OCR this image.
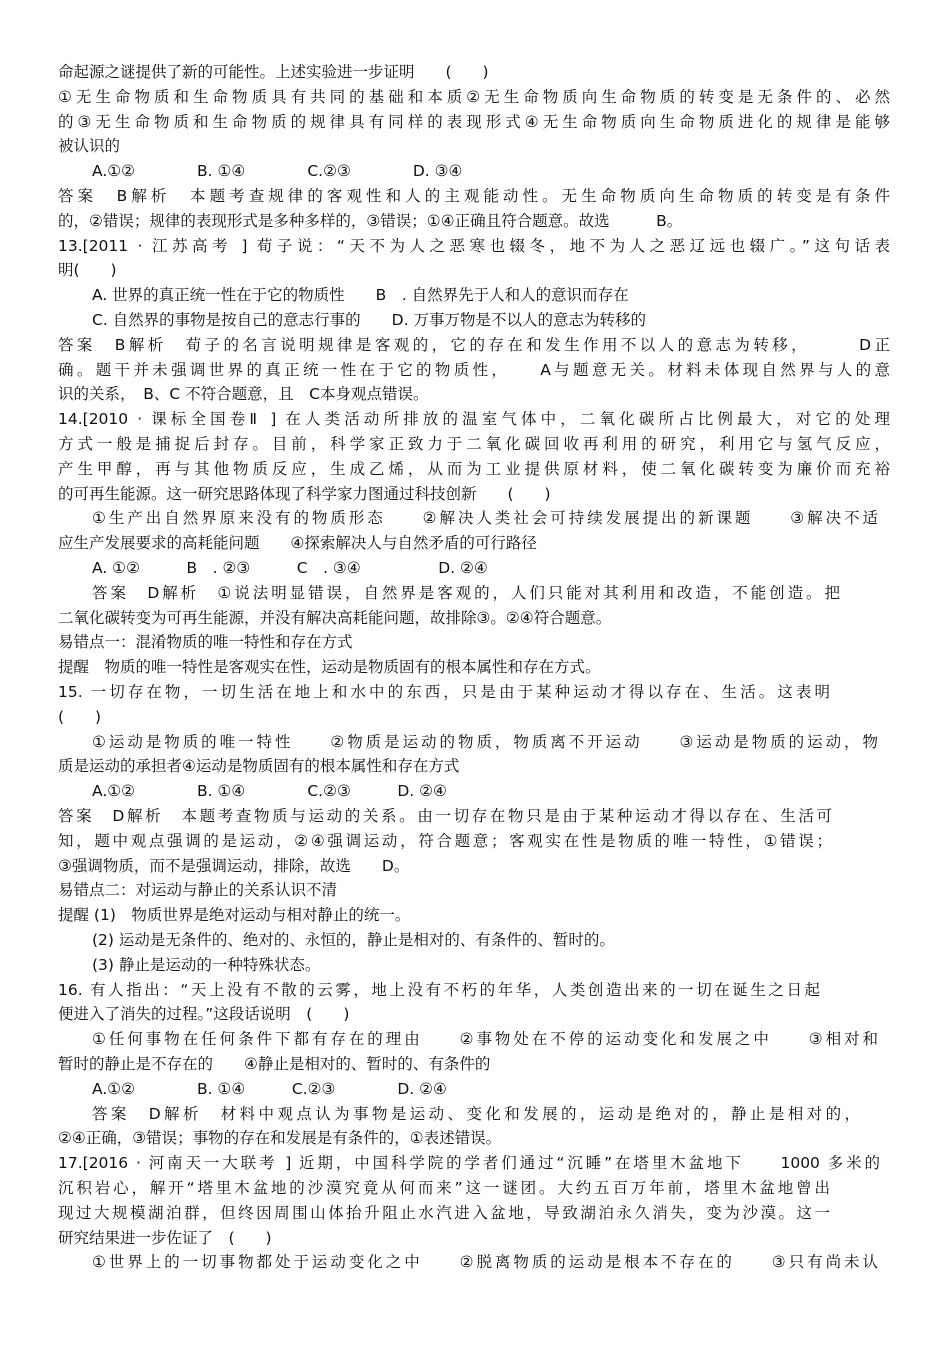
命起源之谜提供了新的可能性。上述实验进一步证明　　(　　)
①无生命物质和生命物质具有共同的基础和本质②无生命物质向生命物质的转变是无条件的、必然
的③无生命物质和生命物质的规律具有同样的表现形式④无生命物质向生命物质进化的规律是能够
被认识的
A.①②　　　　B. ①④　　　　C.②③　　　　D. ③④
答案　B解析　本题考查规律的客观性和人的主观能动性。无生命物质向生命物质的转变是有条件
的，②错误；规律的表现形式是多种多样的，③错误；①④正确且符合题意。故选　　　B。
13.[2011 · 江苏高考 ] 荀子说：“天不为人之恶寒也辍冬，地不为人之恶辽远也辍广。”这句话表
明(　　)
A. 世界的真正统一性在于它的物质性　　B　. 自然界先于人和人的意识而存在
C. 自然界的事物是按自己的意志行事的　　D. 万事万物是不以人的意志为转移的
答案　B解析　荀子的名言说明规律是客观的，它的存在和发生作用不以人的意志为转移，　　　D正
确。题干并未强调世界的真正统一性在于它的物质性，　　A与题意无关。材料未体现自然界与人的意
识的关系，　B、C 不符合题意，且　C本身观点错误。
14.[2010 · 课标全国卷Ⅱ ] 在人类活动所排放的温室气体中，二氧化碳所占比例最大，对它的处理
方式一般是捕捉后封存。目前，科学家正致力于二氧化碳回收再利用的研究，利用它与氢气反应，
产生甲醇，再与其他物质反应，生成乙烯，从而为工业提供原材料，使二氧化碳转变为廉价而充裕
的可再生能源。这一研究思路体现了科学家力图通过科技创新　　(　　)
①生产出自然界原来没有的物质形态　　②解决人类社会可持续发展提出的新课题　　③解决不适
应生产发展要求的高耗能问题　　④探索解决人与自然矛盾的可行路径
A. ①②　　　B　. ②③　　　C　. ③④　　　　　D. ②④
答案　D解析　①说法明显错误，自然界是客观的，人们只能对其利用和改造，不能创造。把
二氧化碳转变为可再生能源，并没有解决高耗能问题，故排除③。②④符合题意。
易错点一：混淆物质的唯一特性和存在方式
提醒　物质的唯一特性是客观实在性，运动是物质固有的根本属性和存在方式。
15. 一切存在物，一切生活在地上和水中的东西，只是由于某种运动才得以存在、生活。这表明
(　　)
①运动是物质的唯一特性　　②物质是运动的物质，物质离不开运动　　③运动是物质的运动，物
质是运动的承担者④运动是物质固有的根本属性和存在方式
A.①②　　　　B. ①④　　　　C.②③　　　D. ②④
答案　D解析　本题考查物质与运动的关系。由一切存在物只是由于某种运动才得以存在、生活可
知，题中观点强调的是运动，②④强调运动，符合题意；客观实在性是物质的唯一特性，①错误；
③强调物质，而不是强调运动，排除，故选　　D。
易错点二：对运动与静止的关系认识不清
提醒 (1)　物质世界是绝对运动与相对静止的统一。
(2) 运动是无条件的、绝对的、永恒的，静止是相对的、有条件的、暂时的。
(3) 静止是运动的一种特殊状态。
16. 有人指出：“天上没有不散的云雾，地上没有不朽的年华，人类创造出来的一切在诞生之日起
便进入了消失的过程。”这段话说明　(　　)
①任何事物在任何条件下都有存在的理由　　②事物处在不停的运动变化和发展之中　　③相对和
暂时的静止是不存在的　　④静止是相对的、暂时的、有条件的
A.①②　　　　B. ①④　　　C.②③　　　　D. ②④
答案　D解析　材料中观点认为事物是运动、变化和发展的，运动是绝对的，静止是相对的，
②④正确，③错误；事物的存在和发展是有条件的，①表述错误。
17.[2016 · 河南天一大联考 ] 近期，中国科学院的学者们通过“沉睡”在塔里木盆地下　　1000 多米的
沉积岩心，解开“塔里木盆地的沙漠究竟从何而来”这一谜团。大约五百万年前，塔里木盆地曾出
现过大规模湖泊群，但终因周围山体抬升阻止水汽进入盆地，导致湖泊永久消失，变为沙漠。这一
研究结果进一步佐证了　(　　)
①世界上的一切事物都处于运动变化之中　　②脱离物质的运动是根本不存在的　　③只有尚未认
